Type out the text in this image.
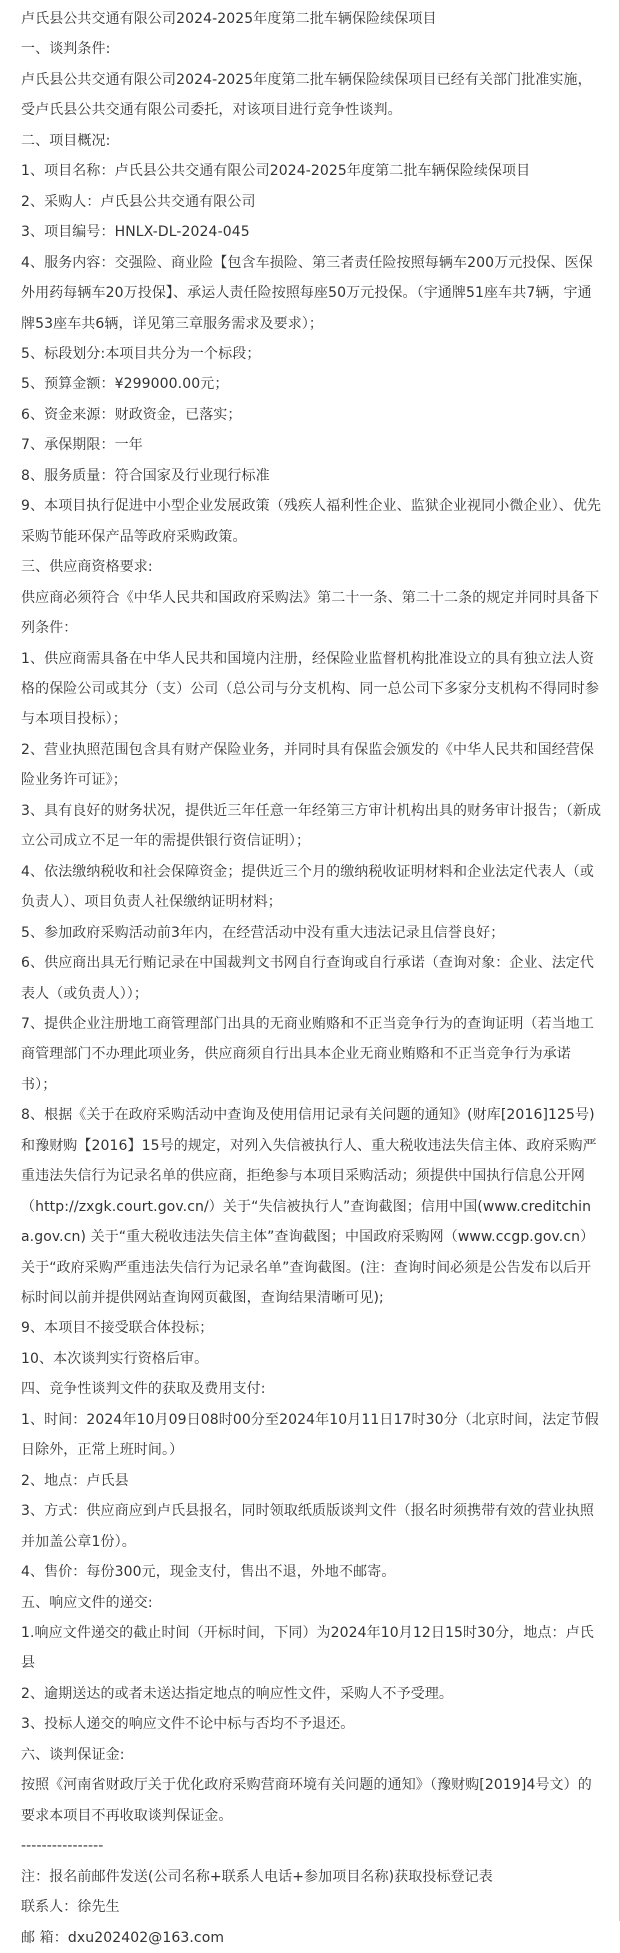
卢氏县公共交通有限公司2024-2025年度第二批车辆保险续保项目

一、谈判条件:

卢氏县公共交通有限公司2024-2025年度第二批车辆保险续保项目已经有关部门批准实施，受卢氏县公共交通有限公司委托，对该项目进行竞争性谈判。

二、项目概况:

1、项目名称：卢氏县公共交通有限公司2024-2025年度第二批车辆保险续保项目

2、采购人：卢氏县公共交通有限公司

3、项目编号：HNLX-DL-2024-045

4、服务内容：交强险、商业险【包含车损险、第三者责任险按照每辆车200万元投保、医保外用药每辆车20万投保】、承运人责任险按照每座50万元投保。（宇通牌51座车共7辆，宇通牌53座车共6辆，详见第三章服务需求及要求）；

5、标段划分:本项目共分为一个标段；

5、预算金额：¥299000.00元；

6、资金来源：财政资金，已落实；

7、承保期限：一年

8、服务质量：符合国家及行业现行标准

9、本项目执行促进中小型企业发展政策（残疾人福利性企业、监狱企业视同小微企业）、优先采购节能环保产品等政府采购政策。

三、供应商资格要求:

供应商必须符合《中华人民共和国政府采购法》第二十一条、第二十二条的规定并同时具备下列条件：

1、供应商需具备在中华人民共和国境内注册，经保险业监督机构批准设立的具有独立法人资格的保险公司或其分（支）公司（总公司与分支机构、同一总公司下多家分支机构不得同时参与本项目投标）；

2、营业执照范围包含具有财产保险业务，并同时具有保监会颁发的《中华人民共和国经营保险业务许可证》；

3、具有良好的财务状况，提供近三年任意一年经第三方审计机构出具的财务审计报告；（新成立公司成立不足一年的需提供银行资信证明）；

4、依法缴纳税收和社会保障资金；提供近三个月的缴纳税收证明材料和企业法定代表人（或负责人）、项目负责人社保缴纳证明材料；

5、参加政府采购活动前3年内，在经营活动中没有重大违法记录且信誉良好；

6、供应商出具无行贿记录在中国裁判文书网自行查询或自行承诺（查询对象：企业、法定代表人（或负责人））；

7、提供企业注册地工商管理部门出具的无商业贿赂和不正当竞争行为的查询证明（若当地工商管理部门不办理此项业务，供应商须自行出具本企业无商业贿赂和不正当竞争行为承诺书）；

8、根据《关于在政府采购活动中查询及使用信用记录有关问题的通知》(财库[2016]125号)和豫财购【2016】15号的规定，对列入失信被执行人、重大税收违法失信主体、政府采购严重违法失信行为记录名单的供应商，拒绝参与本项目采购活动；须提供中国执行信息公开网（http://zxgk.court.gov.cn/）关于“失信被执行人”查询截图；信用中国(www.creditchina.gov.cn) 关于“重大税收违法失信主体”查询截图；中国政府采购网（www.ccgp.gov.cn）关于“政府采购严重违法失信行为记录名单”查询截图。(注：查询时间必须是公告发布以后开标时间以前并提供网站查询网页截图，查询结果清晰可见);

9、本项目不接受联合体投标；

10、本次谈判实行资格后审。

四、竞争性谈判文件的获取及费用支付:

1、时间：2024年10月09日08时00分至2024年10月11日17时30分（北京时间，法定节假日除外，正常上班时间。）

2、地点：卢氏县

3、方式：供应商应到卢氏县报名，同时领取纸质版谈判文件（报名时须携带有效的营业执照并加盖公章1份）。

4、售价：每份300元，现金支付，售出不退，外地不邮寄。

五、响应文件的递交:

1.响应文件递交的截止时间（开标时间，下同）为2024年10月12日15时30分，地点：卢氏县

2、逾期送达的或者未送达指定地点的响应性文件，采购人不予受理。

3、投标人递交的响应文件不论中标与否均不予退还。

六、谈判保证金:

按照《河南省财政厅关于优化政府采购营商环境有关问题的通知》（豫财购[2019]4号文）的要求本项目不再收取谈判保证金。

----------------

注：报名前邮件发送(公司名称+联系人电话+参加项目名称)获取投标登记表

联系人：徐先生

邮 箱：dxu202402@163.com
